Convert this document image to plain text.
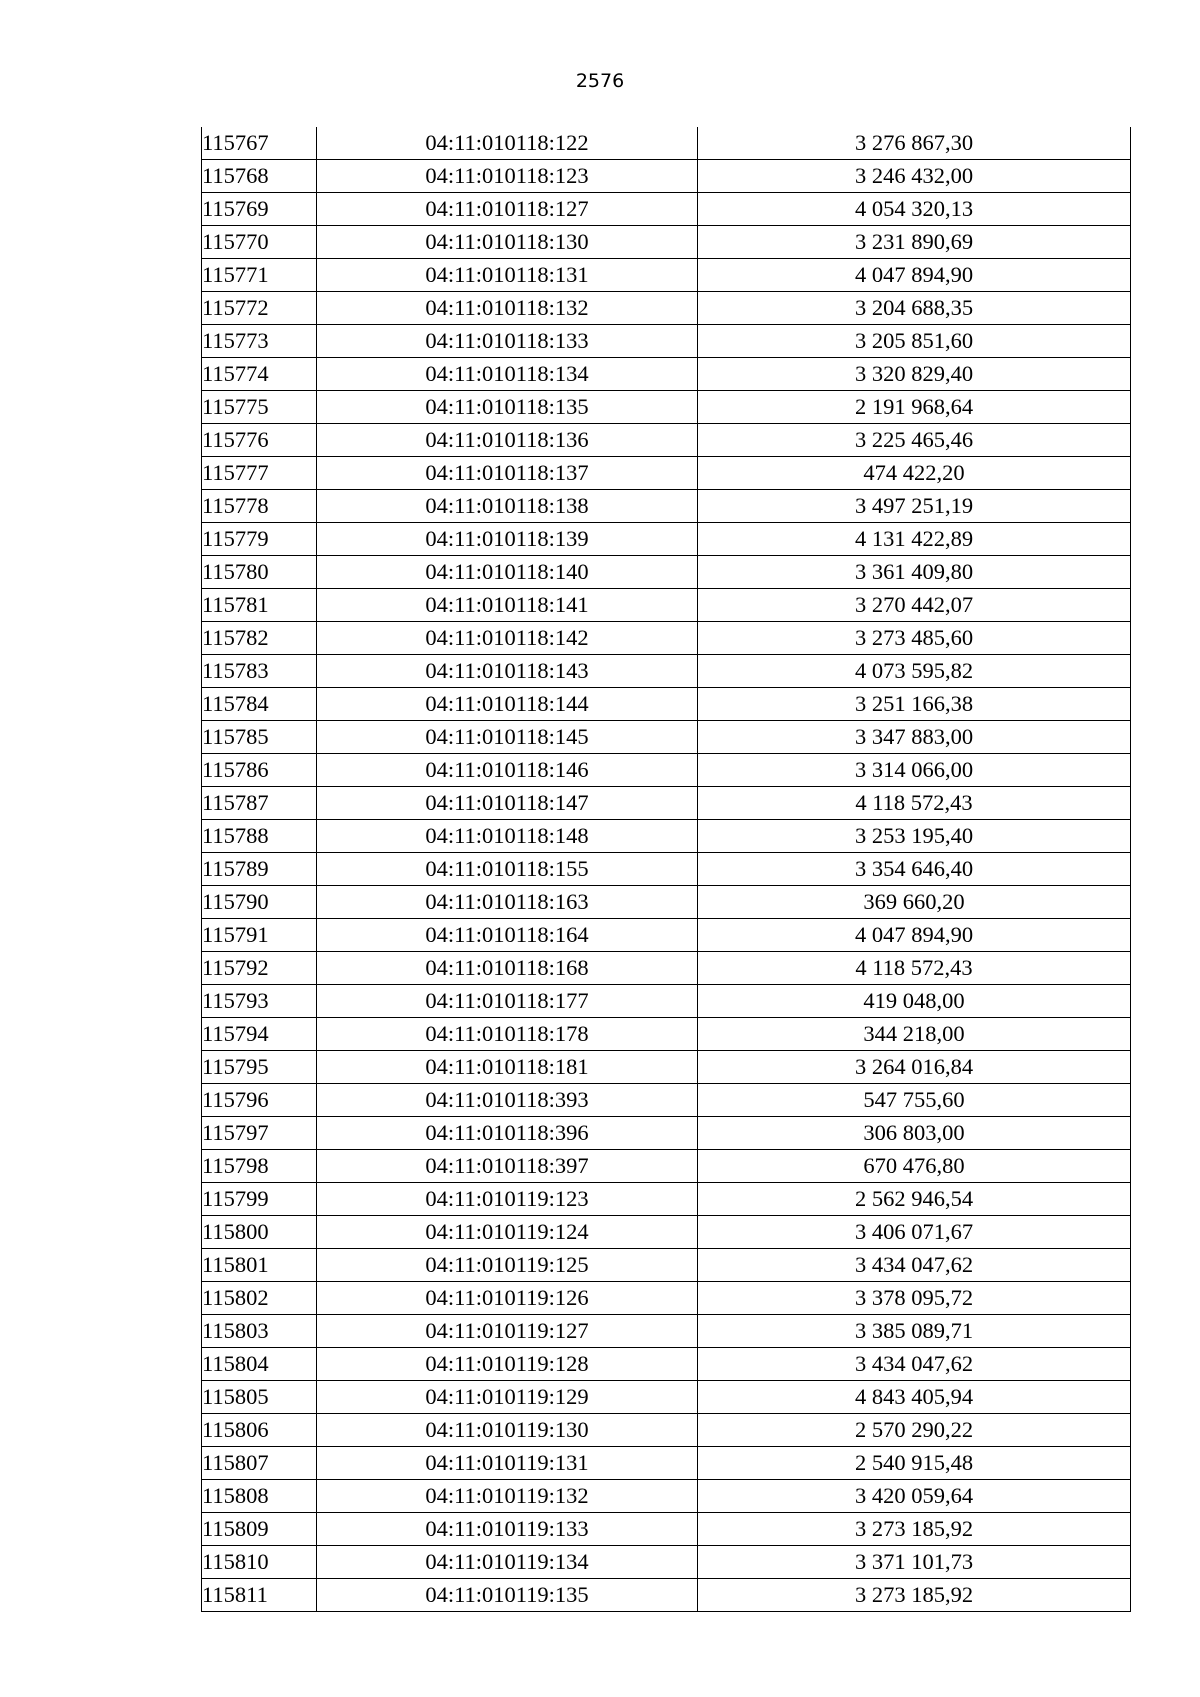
2576
115767	04:11:010118:122	3 276 867,30
115768	04:11:010118:123	3 246 432,00
115769	04:11:010118:127	4 054 320,13
115770	04:11:010118:130	3 231 890,69
115771	04:11:010118:131	4 047 894,90
115772	04:11:010118:132	3 204 688,35
115773	04:11:010118:133	3 205 851,60
115774	04:11:010118:134	3 320 829,40
115775	04:11:010118:135	2 191 968,64
115776	04:11:010118:136	3 225 465,46
115777	04:11:010118:137	474 422,20
115778	04:11:010118:138	3 497 251,19
115779	04:11:010118:139	4 131 422,89
115780	04:11:010118:140	3 361 409,80
115781	04:11:010118:141	3 270 442,07
115782	04:11:010118:142	3 273 485,60
115783	04:11:010118:143	4 073 595,82
115784	04:11:010118:144	3 251 166,38
115785	04:11:010118:145	3 347 883,00
115786	04:11:010118:146	3 314 066,00
115787	04:11:010118:147	4 118 572,43
115788	04:11:010118:148	3 253 195,40
115789	04:11:010118:155	3 354 646,40
115790	04:11:010118:163	369 660,20
115791	04:11:010118:164	4 047 894,90
115792	04:11:010118:168	4 118 572,43
115793	04:11:010118:177	419 048,00
115794	04:11:010118:178	344 218,00
115795	04:11:010118:181	3 264 016,84
115796	04:11:010118:393	547 755,60
115797	04:11:010118:396	306 803,00
115798	04:11:010118:397	670 476,80
115799	04:11:010119:123	2 562 946,54
115800	04:11:010119:124	3 406 071,67
115801	04:11:010119:125	3 434 047,62
115802	04:11:010119:126	3 378 095,72
115803	04:11:010119:127	3 385 089,71
115804	04:11:010119:128	3 434 047,62
115805	04:11:010119:129	4 843 405,94
115806	04:11:010119:130	2 570 290,22
115807	04:11:010119:131	2 540 915,48
115808	04:11:010119:132	3 420 059,64
115809	04:11:010119:133	3 273 185,92
115810	04:11:010119:134	3 371 101,73
115811	04:11:010119:135	3 273 185,92
